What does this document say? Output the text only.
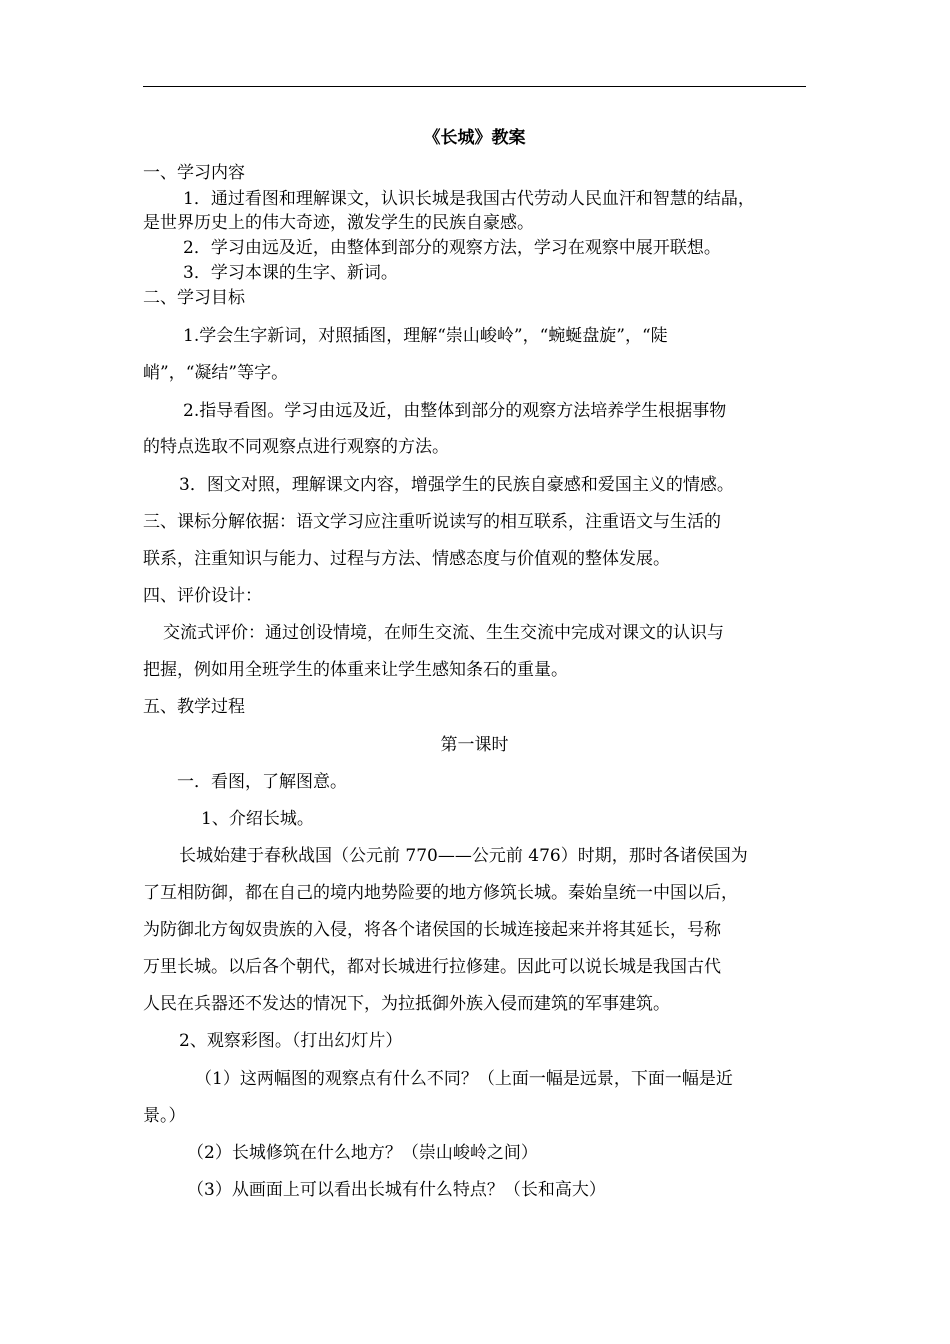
《长城》教案

一、学习内容

1．通过看图和理解课文，认识长城是我国古代劳动人民血汗和智慧的结晶，

是世界历史上的伟大奇迹，激发学生的民族自豪感。

2．学习由远及近，由整体到部分的观察方法，学习在观察中展开联想。

3．学习本课的生字、新词。

二、学习目标

1.学会生字新词，对照插图，理解“崇山峻岭”，“蜿蜒盘旋”，“陡

峭”，“凝结”等字。

2.指导看图。学习由远及近，由整体到部分的观察方法培养学生根据事物

的特点选取不同观察点进行观察的方法。

3．图文对照，理解课文内容，增强学生的民族自豪感和爱国主义的情感。

三、课标分解依据：语文学习应注重听说读写的相互联系，注重语文与生活的

联系，注重知识与能力、过程与方法、情感态度与价值观的整体发展。

四、评价设计：

交流式评价：通过创设情境，在师生交流、生生交流中完成对课文的认识与

把握，例如用全班学生的体重来让学生感知条石的重量。

五、教学过程

第一课时

一．看图，了解图意。

1、介绍长城。

长城始建于春秋战国（公元前 770——公元前 476）时期，那时各诸侯国为

了互相防御，都在自己的境内地势险要的地方修筑长城。秦始皇统一中国以后，

为防御北方匈奴贵族的入侵，将各个诸侯国的长城连接起来并将其延长，号称

万里长城。以后各个朝代，都对长城进行拉修建。因此可以说长城是我国古代

人民在兵器还不发达的情况下，为拉抵御外族入侵而建筑的军事建筑。

2、观察彩图。（打出幻灯片）

（1）这两幅图的观察点有什么不同？（上面一幅是远景，下面一幅是近

景。）

（2）长城修筑在什么地方？（崇山峻岭之间）

（3）从画面上可以看出长城有什么特点？（长和高大）
